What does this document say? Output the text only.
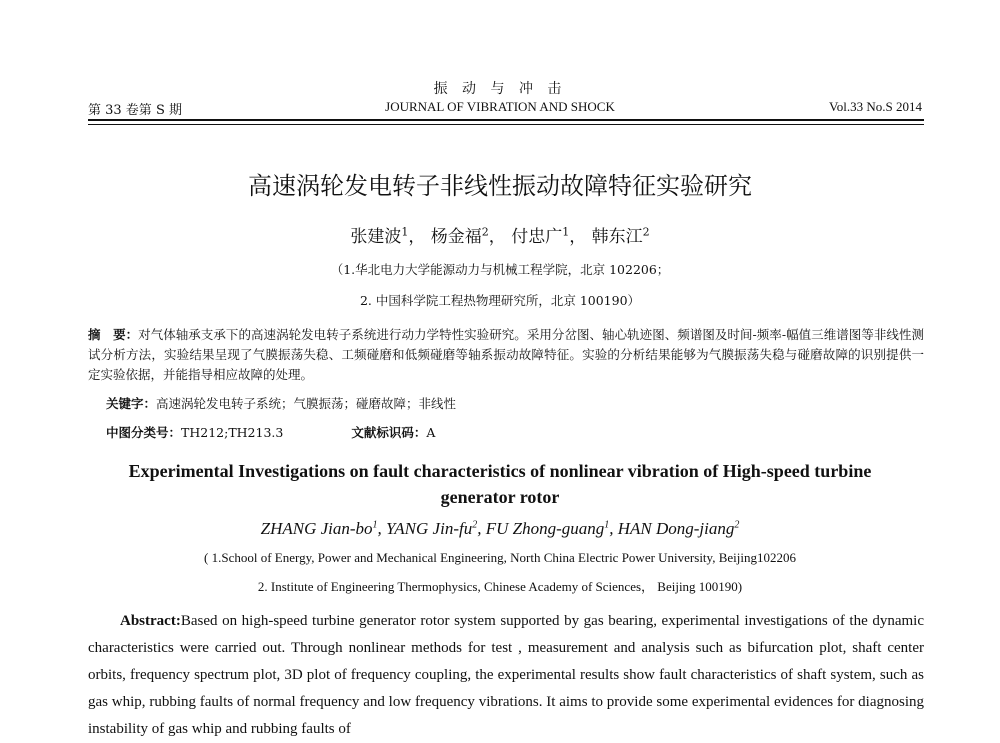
振 动 与 冲 击
第 33 卷第 S 期	JOURNAL OF VIBRATION AND SHOCK	Vol.33 No.S 2014
高速涡轮发电转子非线性振动故障特征实验研究
张建波$^1$， 杨金福$^2$， 付忠广$^1$， 韩东江$^2$
（1.华北电力大学能源动力与机械工程学院，北京 102206；
2. 中国科学院工程热物理研究所，北京 100190）
摘　要：对气体轴承支承下的高速涡轮发电转子系统进行动力学特性实验研究。采用分岔图、轴心轨迹图、频谱图及时间-频率-幅值三维谱图等非线性测试分析方法，实验结果呈现了气膜振荡失稳、工频碰磨和低频碰磨等轴系振动故障特征。实验的分析结果能够为气膜振荡失稳与碰磨故障的识别提供一定实验依据，并能指导相应故障的处理。
关键字：高速涡轮发电转子系统；气膜振荡；碰磨故障；非线性
中图分类号：TH212;TH213.3	文献标识码：A
Experimental Investigations on fault characteristics of nonlinear vibration of High-speed turbine generator rotor
ZHANG Jian-$bo^1$, YANG Jin-$fu^2$, FU Zhong-guang$^1$, HAN Dong-jiang$^2$
( 1.School of Energy, Power and Mechanical Engineering, North China Electric Power University, Beijing102206
2. Institute of Engineering Thermophysics, Chinese Academy of Sciences， Beijing 100190)
Abstract:Based on high-speed turbine generator rotor system supported by gas bearing, experimental investigations of the dynamic characteristics were carried out. Through nonlinear methods for test , measurement and analysis such as bifurcation plot, shaft center orbits, frequency spectrum plot, 3D plot of frequency coupling, the experimental results show fault characteristics of shaft system, such as gas whip, rubbing faults of normal frequency and low frequency vibrations. It aims to provide some experimental evidences for diagnosing instability of gas whip and rubbing faults of
